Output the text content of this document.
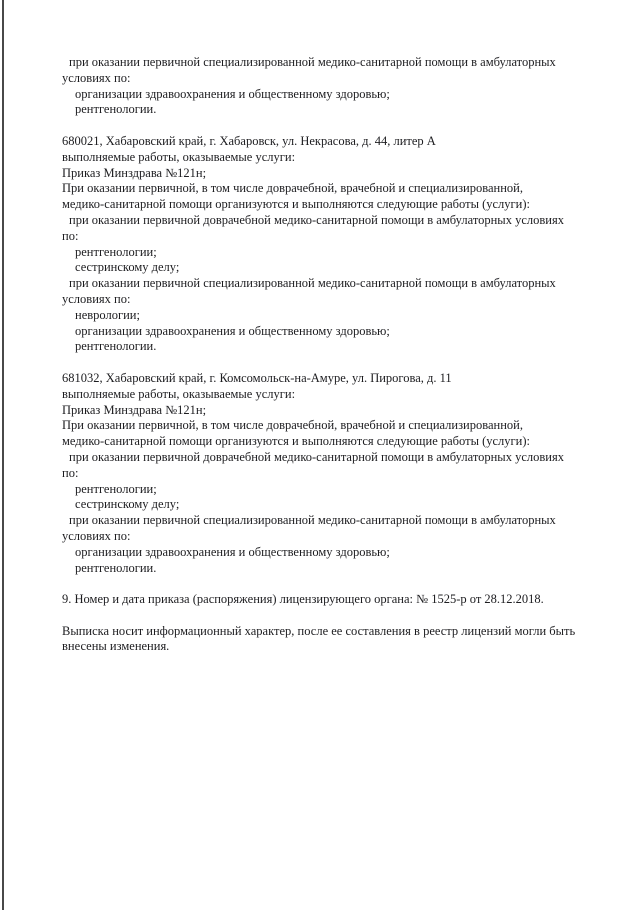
при оказании первичной специализированной медико-санитарной помощи в амбулаторных
условиях по:
организации здравоохранения и общественному здоровью;
рентгенологии.
680021, Хабаровский край, г. Хабаровск, ул. Некрасова, д. 44, литер А
выполняемые работы, оказываемые услуги:
Приказ Минздрава №121н;
При оказании первичной, в том числе доврачебной, врачебной и специализированной,
медико-санитарной помощи организуются и выполняются следующие работы (услуги):
при оказании первичной доврачебной медико-санитарной помощи в амбулаторных условиях
по:
рентгенологии;
сестринскому делу;
при оказании первичной специализированной медико-санитарной помощи в амбулаторных
условиях по:
неврологии;
организации здравоохранения и общественному здоровью;
рентгенологии.
681032, Хабаровский край, г. Комсомольск-на-Амуре, ул. Пирогова, д. 11
выполняемые работы, оказываемые услуги:
Приказ Минздрава №121н;
При оказании первичной, в том числе доврачебной, врачебной и специализированной,
медико-санитарной помощи организуются и выполняются следующие работы (услуги):
при оказании первичной доврачебной медико-санитарной помощи в амбулаторных условиях
по:
рентгенологии;
сестринскому делу;
при оказании первичной специализированной медико-санитарной помощи в амбулаторных
условиях по:
организации здравоохранения и общественному здоровью;
рентгенологии.
9. Номер и дата приказа (распоряжения) лицензирующего органа: № 1525-р от 28.12.2018.
Выписка носит информационный характер, после ее составления в реестр лицензий могли быть
внесены изменения.
